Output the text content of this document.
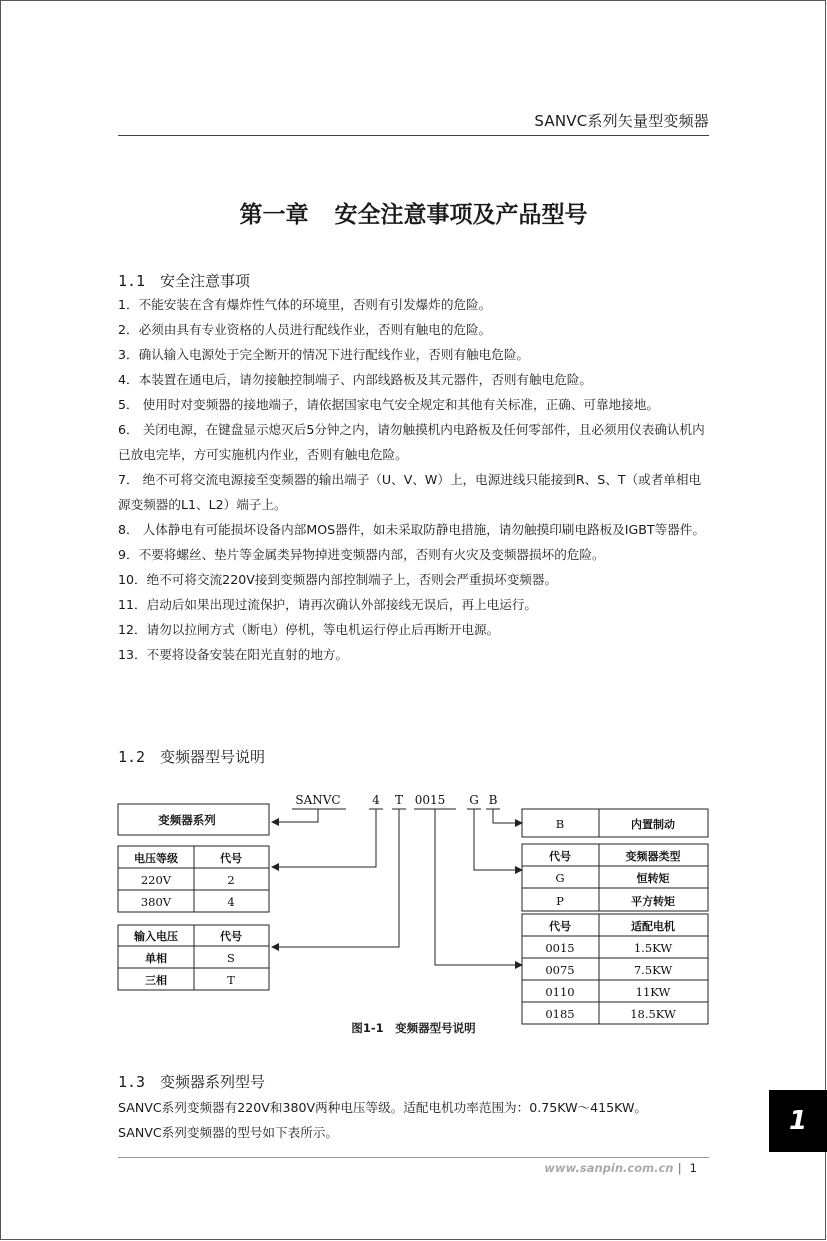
SANVC系列矢量型变频器
第一章 安全注意事项及产品型号
1.1 安全注意事项

1．不能安装在含有爆炸性气体的环境里，否则有引发爆炸的危险。

2．必须由具有专业资格的人员进行配线作业，否则有触电的危险。

3．确认输入电源处于完全断开的情况下进行配线作业，否则有触电危险。

4．本装置在通电后，请勿接触控制端子、内部线路板及其元器件，否则有触电危险。

5． 使用时对变频器的接地端子，请依据国家电气安全规定和其他有关标准，正确、可靠地接地。

6． 关闭电源，在键盘显示熄灭后5分钟之内，请勿触摸机内电路板及任何零部件，且必须用仪表确认机内已放电完毕，方可实施机内作业，否则有触电危险。

7． 绝不可将交流电源接至变频器的输出端子（U、V、W）上，电源进线只能接到R、S、T（或者单相电源变频器的L1、L2）端子上。

8． 人体静电有可能损坏设备内部MOS器件，如未采取防静电措施，请勿触摸印刷电路板及IGBT等器件。

9．不要将螺丝、垫片等金属类异物掉进变频器内部，否则有火灾及变频器损坏的危险。

10．绝不可将交流220V接到变频器内部控制端子上，否则会严重损坏变频器。

11．启动后如果出现过流保护，请再次确认外部接线无误后，再上电运行。

12．请勿以拉闸方式（断电）停机，等电机运行停止后再断开电源。

13．不要将设备安装在阳光直射的地方。

1.2 变频器型号说明
SANVC	4 T 0015 G B
变频器系列
电压等级	代号
220V	2
380V	4
输入电压	代号
单相	S
三相	T
B	内置制动
代号	变频器类型
G	恒转矩
P	平方转矩
代号	适配电机
0015	1.5KW
0075	7.5KW
0110	11KW
0185	18.5KW
图1-1　变频器型号说明
1.3 变频器系列型号

SANVC系列变频器有220V和380V两种电压等级。适配电机功率范围为：0.75KW～415KW。

SANVC系列变频器的型号如下表所示。

www.sanpin.com.cn | 1
1
